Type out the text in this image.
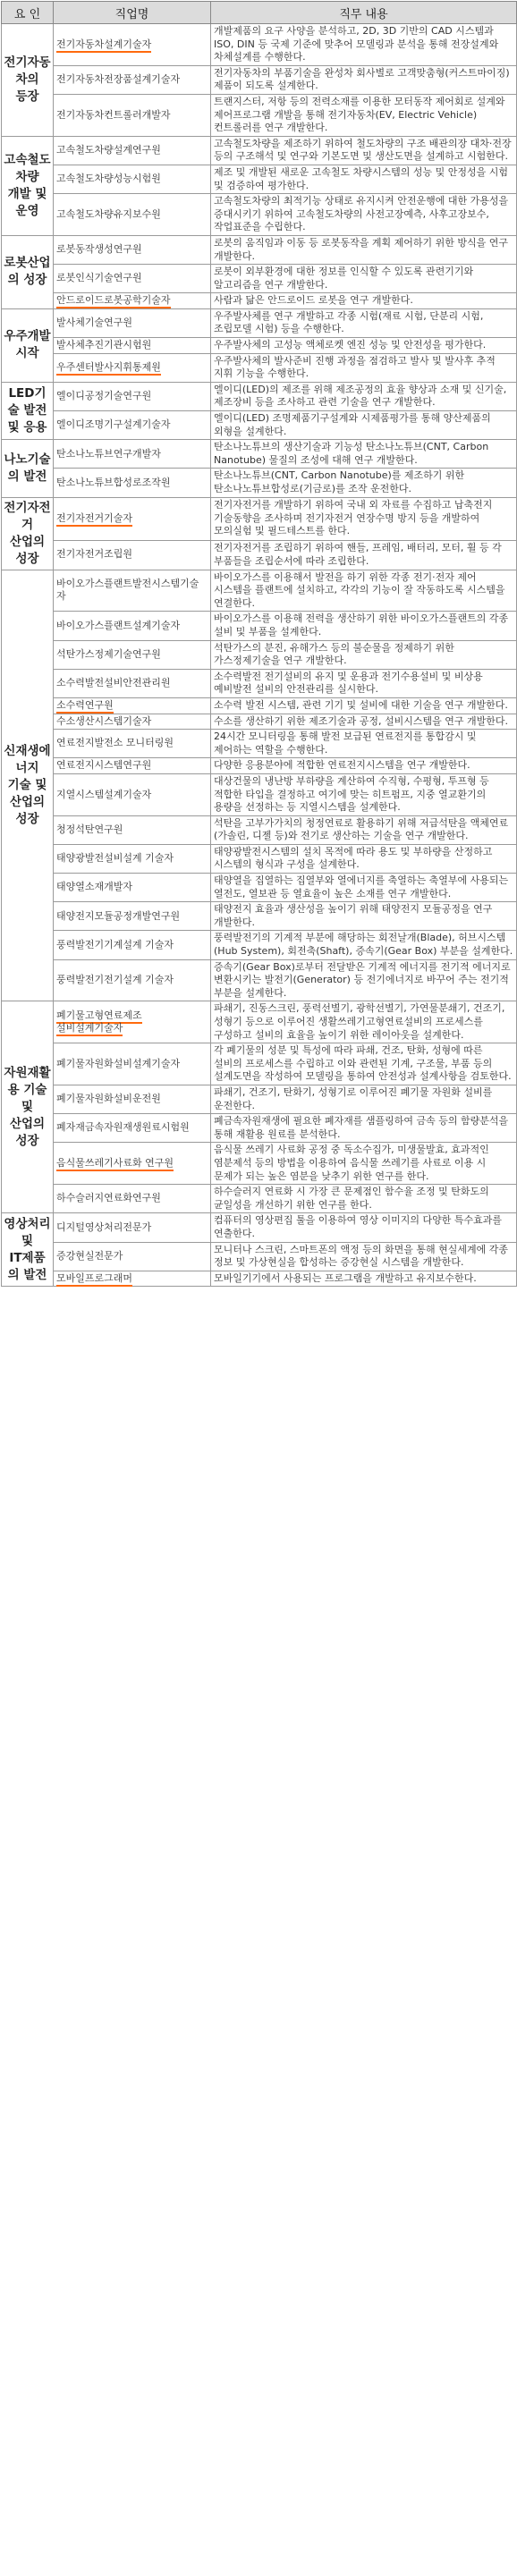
요 인	직업명	직무 내용
전기자동차의 등장	전기자동차설계기술자	개발제품의 요구 사양을 분석하고, 2D, 3D 기반의 CAD 시스템과 ISO, DIN 등 국제 기준에 맞추어 모델링과 분석을 통해 전장설계와 차체설계를 수행한다.
	전기자동차전장품설계기술자	전기자동차의 부품기술을 완성차 회사별로 고객맞춤형(커스트마이징) 제품이 되도록 설계한다.
	전기자동차컨트롤러개발자	트랜지스터, 저항 등의 전력소재를 이용한 모터동작 제어회로 설계와 제어프로그램 개발을 통해 전기자동차(EV, Electric Vehicle) 컨트롤러를 연구 개발한다.
고속철도 차량 개발 및 운영	고속철도차량설계연구원	고속철도차량을 제조하기 위하여 철도차량의 구조 배관의장 대차·전장 등의 구조해석 및 연구와 기본도면 및 생산도면을 설계하고 시험한다.
	고속철도차량성능시험원	제조 및 개발된 새로운 고속철도 차량시스템의 성능 및 안정성을 시험 및 검증하여 평가한다.
	고속철도차량유지보수원	고속철도차량의 최적기능 상태로 유지시켜 안전운행에 대한 가용성을 증대시키기 위하여 고속철도차량의 사전고장예측, 사후고장보수, 작업표준을 수립한다.
로봇산업의 성장	로봇동작생성연구원	로봇의 움직임과 이동 등 로봇동작을 계획 제어하기 위한 방식을 연구 개발한다.
	로봇인식기술연구원	로봇이 외부환경에 대한 정보를 인식할 수 있도록 관련기기와 알고리즘을 연구 개발한다.
	안드로이드로봇공학기술자	사람과 닮은 안드로이드 로봇을 연구 개발한다.
우주개발 시작	발사체기술연구원	우주발사체를 연구 개발하고 각종 시험(재료 시험, 단분리 시험, 조립모델 시험) 등을 수행한다.
	발사체추진기관시험원	우주발사체의 고성능 액체로켓 엔진 성능 및 안전성을 평가한다.
	우주센터발사지휘통제원	우주발사체의 발사준비 진행 과정을 점검하고 발사 및 발사후 추적 지휘 기능을 수행한다.
LED기술 발전 및 응용	엘이디공정기술연구원	엘이디(LED)의 제조를 위해 제조공정의 효율 향상과 소재 및 신기술, 제조장비 등을 조사하고 관련 기술을 연구 개발한다.
	엘이디조명기구설계기술자	엘이디(LED) 조명제품기구설계와 시제품평가를 통해 양산제품의 외형을 설계한다.
나노기술의 발전	탄소나노튜브연구개발자	탄소나노튜브의 생산기술과 기능성 탄소나노튜브(CNT, Carbon Nanotube) 물질의 조성에 대해 연구 개발한다.
	탄소나노튜브합성로조작원	탄소나노튜브(CNT, Carbon Nanotube)를 제조하기 위한 탄소나노튜브합성로(기금로)를 조작 운전한다.
전기자전거 산업의 성장	전기자전거기술자	전기자전거를 개발하기 위하여 국내 외 자료를 수집하고 납축전지 기술동향을 조사하며 전기자전거 연장수명 방지 등을 개발하여 모의실험 및 필드테스트를 한다.
	전기자전거조립원	전기자전거를 조립하기 위하여 핸들, 프레임, 배터리, 모터, 휠 등 각 부품들을 조립순서에 따라 조립한다.
신재생에너지 기술 및 산업의 성장	바이오가스플랜트발전시스템기술자	바이오가스를 이용해서 발전을 하기 위한 각종 전기·전자 제어 시스템을 플랜트에 설치하고, 각각의 기능이 잘 작동하도록 시스템을 연결한다.
	바이오가스플랜트설계기술자	바이오가스를 이용해 전력을 생산하기 위한 바이오가스플랜트의 각종 설비 및 부품을 설계한다.
	석탄가스정제기술연구원	석탄가스의 분진, 유해가스 등의 불순물을 정제하기 위한 가스정제기술을 연구 개발한다.
	소수력발전설비안전관리원	소수력발전 전기설비의 유지 및 운용과 전기수용설비 및 비상용 예비발전 설비의 안전관리를 실시한다.
	소수력연구원	소수력 발전 시스템, 관련 기기 및 설비에 대한 기술을 연구 개발한다.
	수소생산시스템기술자	수소를 생산하기 위한 제조기술과 공정, 설비시스템을 연구 개발한다.
	연료전지발전소 모니터링원	24시간 모니터링을 통해 발전 보급된 연료전지를 통합감시 및 제어하는 역할을 수행한다.
	연료전지시스템연구원	다양한 응용분야에 적합한 연료전지시스템을 연구 개발한다.
	지열시스템설계기술자	대상건물의 냉난방 부하량을 계산하여 수직형, 수평형, 투프형 등 적합한 타입을 결정하고 여기에 맞는 히트펌프, 지중 열교환기의 용량을 선정하는 등 지열시스템을 설계한다.
	청정석탄연구원	석탄을 고부가가치의 청정연료로 활용하기 위해 저급석탄을 액체연료(가솔린, 디젤 등)와 전기로 생산하는 기술을 연구 개발한다.
	태양광발전설비설계 기술자	태양광발전시스템의 설치 목적에 따라 용도 및 부하량을 산정하고 시스템의 형식과 구성을 설계한다.
	태양열소재개발자	태양열을 집열하는 집열부와 열에너지를 축열하는 축열부에 사용되는 열전도, 열보관 등 열효율이 높은 소재를 연구 개발한다.
	태양전지모듈공정개발연구원	태양전지 효율과 생산성을 높이기 위해 태양전지 모듈공정을 연구 개발한다.
	풍력발전기기계설계 기술자	풍력발전기의 기계적 부분에 해당하는 회전날개(Blade), 허브시스템(Hub System), 회전축(Shaft), 증속기(Gear Box) 부분을 설계한다.
	풍력발전기전기설계 기술자	증속기(Gear Box)로부터 전달받은 기계적 에너지를 전기적 에너지로 변환시키는 발전기(Generator) 등 전기에너지로 바꾸어 주는 전기적 부분을 설계한다.
자원재활용 기술 및 산업의 성장	폐기물고형연료제조 설비설계기술자	파쇄기, 진동스크린, 풍력선별기, 광학선별기, 가연물분쇄기, 건조기, 성형기 등으로 이루어진 생활쓰레기고형연료설비의 프로세스를 구성하고 설비의 효율을 높이기 위한 레이아웃을 설계한다.
	폐기물자원화설비설계기술자	각 폐기물의 성분 및 특성에 따라 파쇄, 건조, 탄화, 성형에 따른 설비의 프로세스를 수립하고 이와 관련된 기계, 구조물, 부품 등의 설계도면을 작성하여 모델링을 통하여 안전성과 설계사항을 검토한다.
	폐기물자원화설비운전원	파쇄기, 건조기, 탄화기, 성형기로 이루어진 폐기물 자원화 설비를 운전한다.
	폐자재금속자원재생원료시험원	폐금속자원재생에 필요한 폐자재를 샘플링하여 금속 등의 함량분석을 통해 재활용 원료를 분석한다.
	음식물쓰레기사료화 연구원	음식물 쓰레기 사료화 공정 중 독소수집가, 미생물발효, 효과적인 염분제석 등의 방법을 이용하여 음식물 쓰레기를 사료로 이용 시 문제가 되는 높은 염분을 낮추기 위한 연구를 한다.
	하수슬러지연료화연구원	하수슬러지 연료화 시 가장 큰 문제점인 함수율 조정 및 탄화도의 균일성을 개선하기 위한 연구를 한다.
영상처리 및 IT제품의 발전	디지털영상처리전문가	컴퓨터의 영상편집 툴을 이용하여 영상 이미지의 다양한 특수효과를 연출한다.
	증강현실전문가	모니터나 스크린, 스마트폰의 액정 등의 화면을 통해 현실세계에 각종 정보 및 가상현실을 합성하는 증강현실 시스템을 개발한다.
	모바일프로그래머	모바일기기에서 사용되는 프로그램을 개발하고 유지보수한다.
